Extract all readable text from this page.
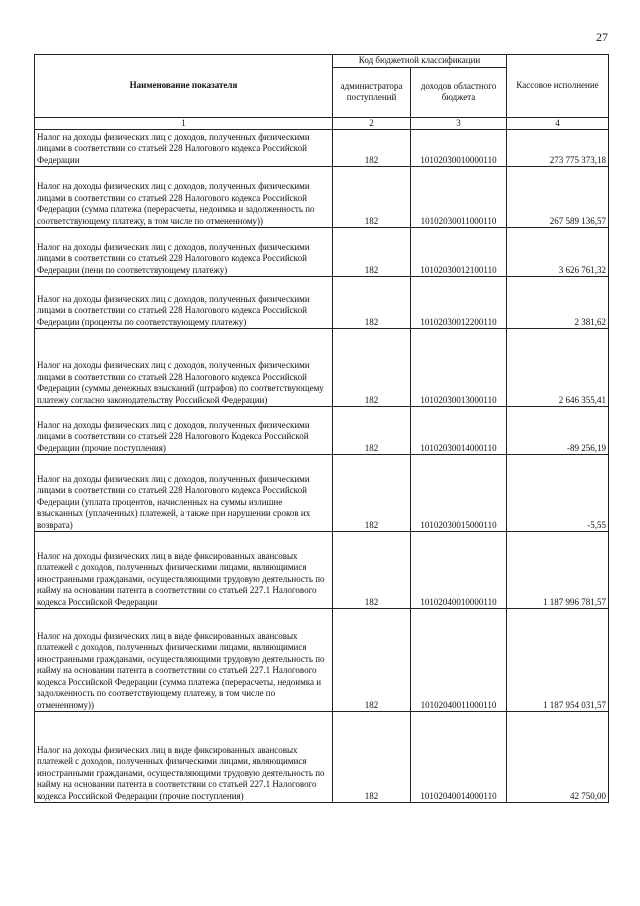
27
Наименование показателя	Код бюджетной классификации		Кассовое исполнение
	администратора поступлений	доходов областного бюджета	
1	2	3	4
Налог на доходы физических лиц с доходов, полученных физическими лицами в соответствии со статьей 228 Налогового кодекса Российской Федерации	182	10102030010000110	273 775 373,18
Налог на доходы физических лиц с доходов, полученных физическими лицами в соответствии со статьей 228 Налогового кодекса Российской Федерации (сумма платежа (перерасчеты, недоимка и задолженность по соответствующему платежу, в том числе по отмененному))	182	10102030011000110	267 589 136,57
Налог на доходы физических лиц с доходов, полученных физическими лицами в соответствии со статьей 228 Налогового кодекса Российской Федерации (пени по соответствующему платежу)	182	10102030012100110	3 626 761,32
Налог на доходы физических лиц с доходов, полученных физическими лицами в соответствии со статьей 228 Налогового кодекса Российской Федерации (проценты по соответствующему платежу)	182	10102030012200110	2 381,62
Налог на доходы физических лиц с доходов, полученных физическими лицами в соответствии со статьей 228 Налогового кодекса Российской Федерации (суммы денежных взысканий (штрафов) по соответствующему платежу согласно законодательству Российской Федерации)	182	10102030013000110	2 646 355,41
Налог на доходы физических лиц с доходов, полученных физическими лицами в соответствии со статьей 228 Налогового Кодекса Российской Федерации (прочие поступления)	182	10102030014000110	-89 256,19
Налог на доходы физических лиц с доходов, полученных физическими лицами в соответствии со статьей 228 Налогового кодекса Российской Федерации (уплата процентов, начисленных на суммы излишне взысканных (уплаченных) платежей, а также при нарушении сроков их возврата)	182	10102030015000110	-5,55
Налог на доходы физических лиц в виде фиксированных авансовых платежей с доходов, полученных физическими лицами, являющимися иностранными гражданами, осуществляющими трудовую деятельность по найму на основании патента в соответствии со статьей 227.1 Налогового кодекса Российской Федерации	182	10102040010000110	1 187 996 781,57
Налог на доходы физических лиц в виде фиксированных авансовых платежей с доходов, полученных физическими лицами, являющимися иностранными гражданами, осуществляющими трудовую деятельность по найму на основании патента в соответствии со статьей 227.1 Налогового кодекса Российской Федерации (сумма платежа (перерасчеты, недоимка и задолженность по соответствующему платежу, в том числе по отмененному))	182	10102040011000110	1 187 954 031,57
Налог на доходы физических лиц в виде фиксированных авансовых платежей с доходов, полученных физическими лицами, являющимися иностранными гражданами, осуществляющими трудовую деятельность по найму на основании патента в соответствии со статьей 227.1 Налогового кодекса Российской Федерации (прочие поступления)	182	10102040014000110	42 750,00
